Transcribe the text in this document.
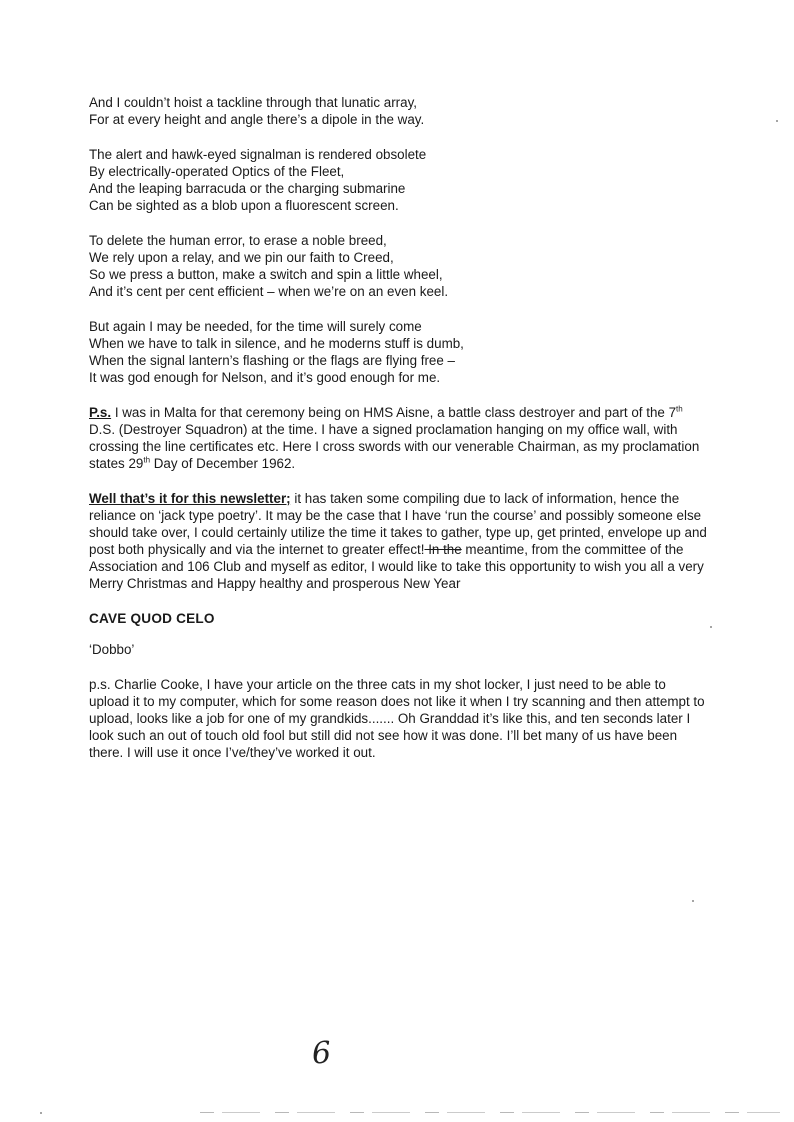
And I couldn’t hoist a tackline through that lunatic array,
For at every height and angle there’s a dipole in the way.
The alert and hawk-eyed signalman is rendered obsolete
By electrically-operated Optics of the Fleet,
And the leaping barracuda or the charging submarine
Can be sighted as a blob upon a fluorescent screen.
To delete the human error, to erase a noble breed,
We rely upon a relay, and we pin our faith to Creed,
So we press a button, make a switch and spin a little wheel,
And it’s cent per cent efficient – when we’re on an even keel.
But again I may be needed, for the time will surely come
When we have to talk in silence, and he moderns stuff is dumb,
When the signal lantern’s flashing or the flags are flying free –
It was god enough for Nelson, and it’s good enough for me.

P.s. I was in Malta for that ceremony being on HMS Aisne, a battle class destroyer and part of the 7th D.S. (Destroyer Squadron) at the time. I have a signed proclamation hanging on my office wall, with crossing the line certificates etc. Here I cross swords with our venerable Chairman, as my proclamation states 29th Day of December 1962.

Well that’s it for this newsletter; it has taken some compiling due to lack of information, hence the reliance on ‘jack type poetry’. It may be the case that I have ‘run the course’ and possibly someone else should take over, I could certainly utilize the time it takes to gather, type up, get printed, envelope up and post both physically and via the internet to greater effect! In the meantime, from the committee of the Association and 106 Club and myself as editor, I would like to take this opportunity to wish you all a very Merry Christmas and Happy healthy and prosperous New Year

CAVE QUOD CELO
‘Dobbo’

p.s. Charlie Cooke, I have your article on the three cats in my shot locker, I just need to be able to upload it to my computer, which for some reason does not like it when I try scanning and then attempt to upload, looks like a job for one of my grandkids....... Oh Granddad it’s like this, and ten seconds later I look such an out of touch old fool but still did not see how it was done. I’ll bet many of us have been there. I will use it once I’ve/they’ve worked it out.

6
